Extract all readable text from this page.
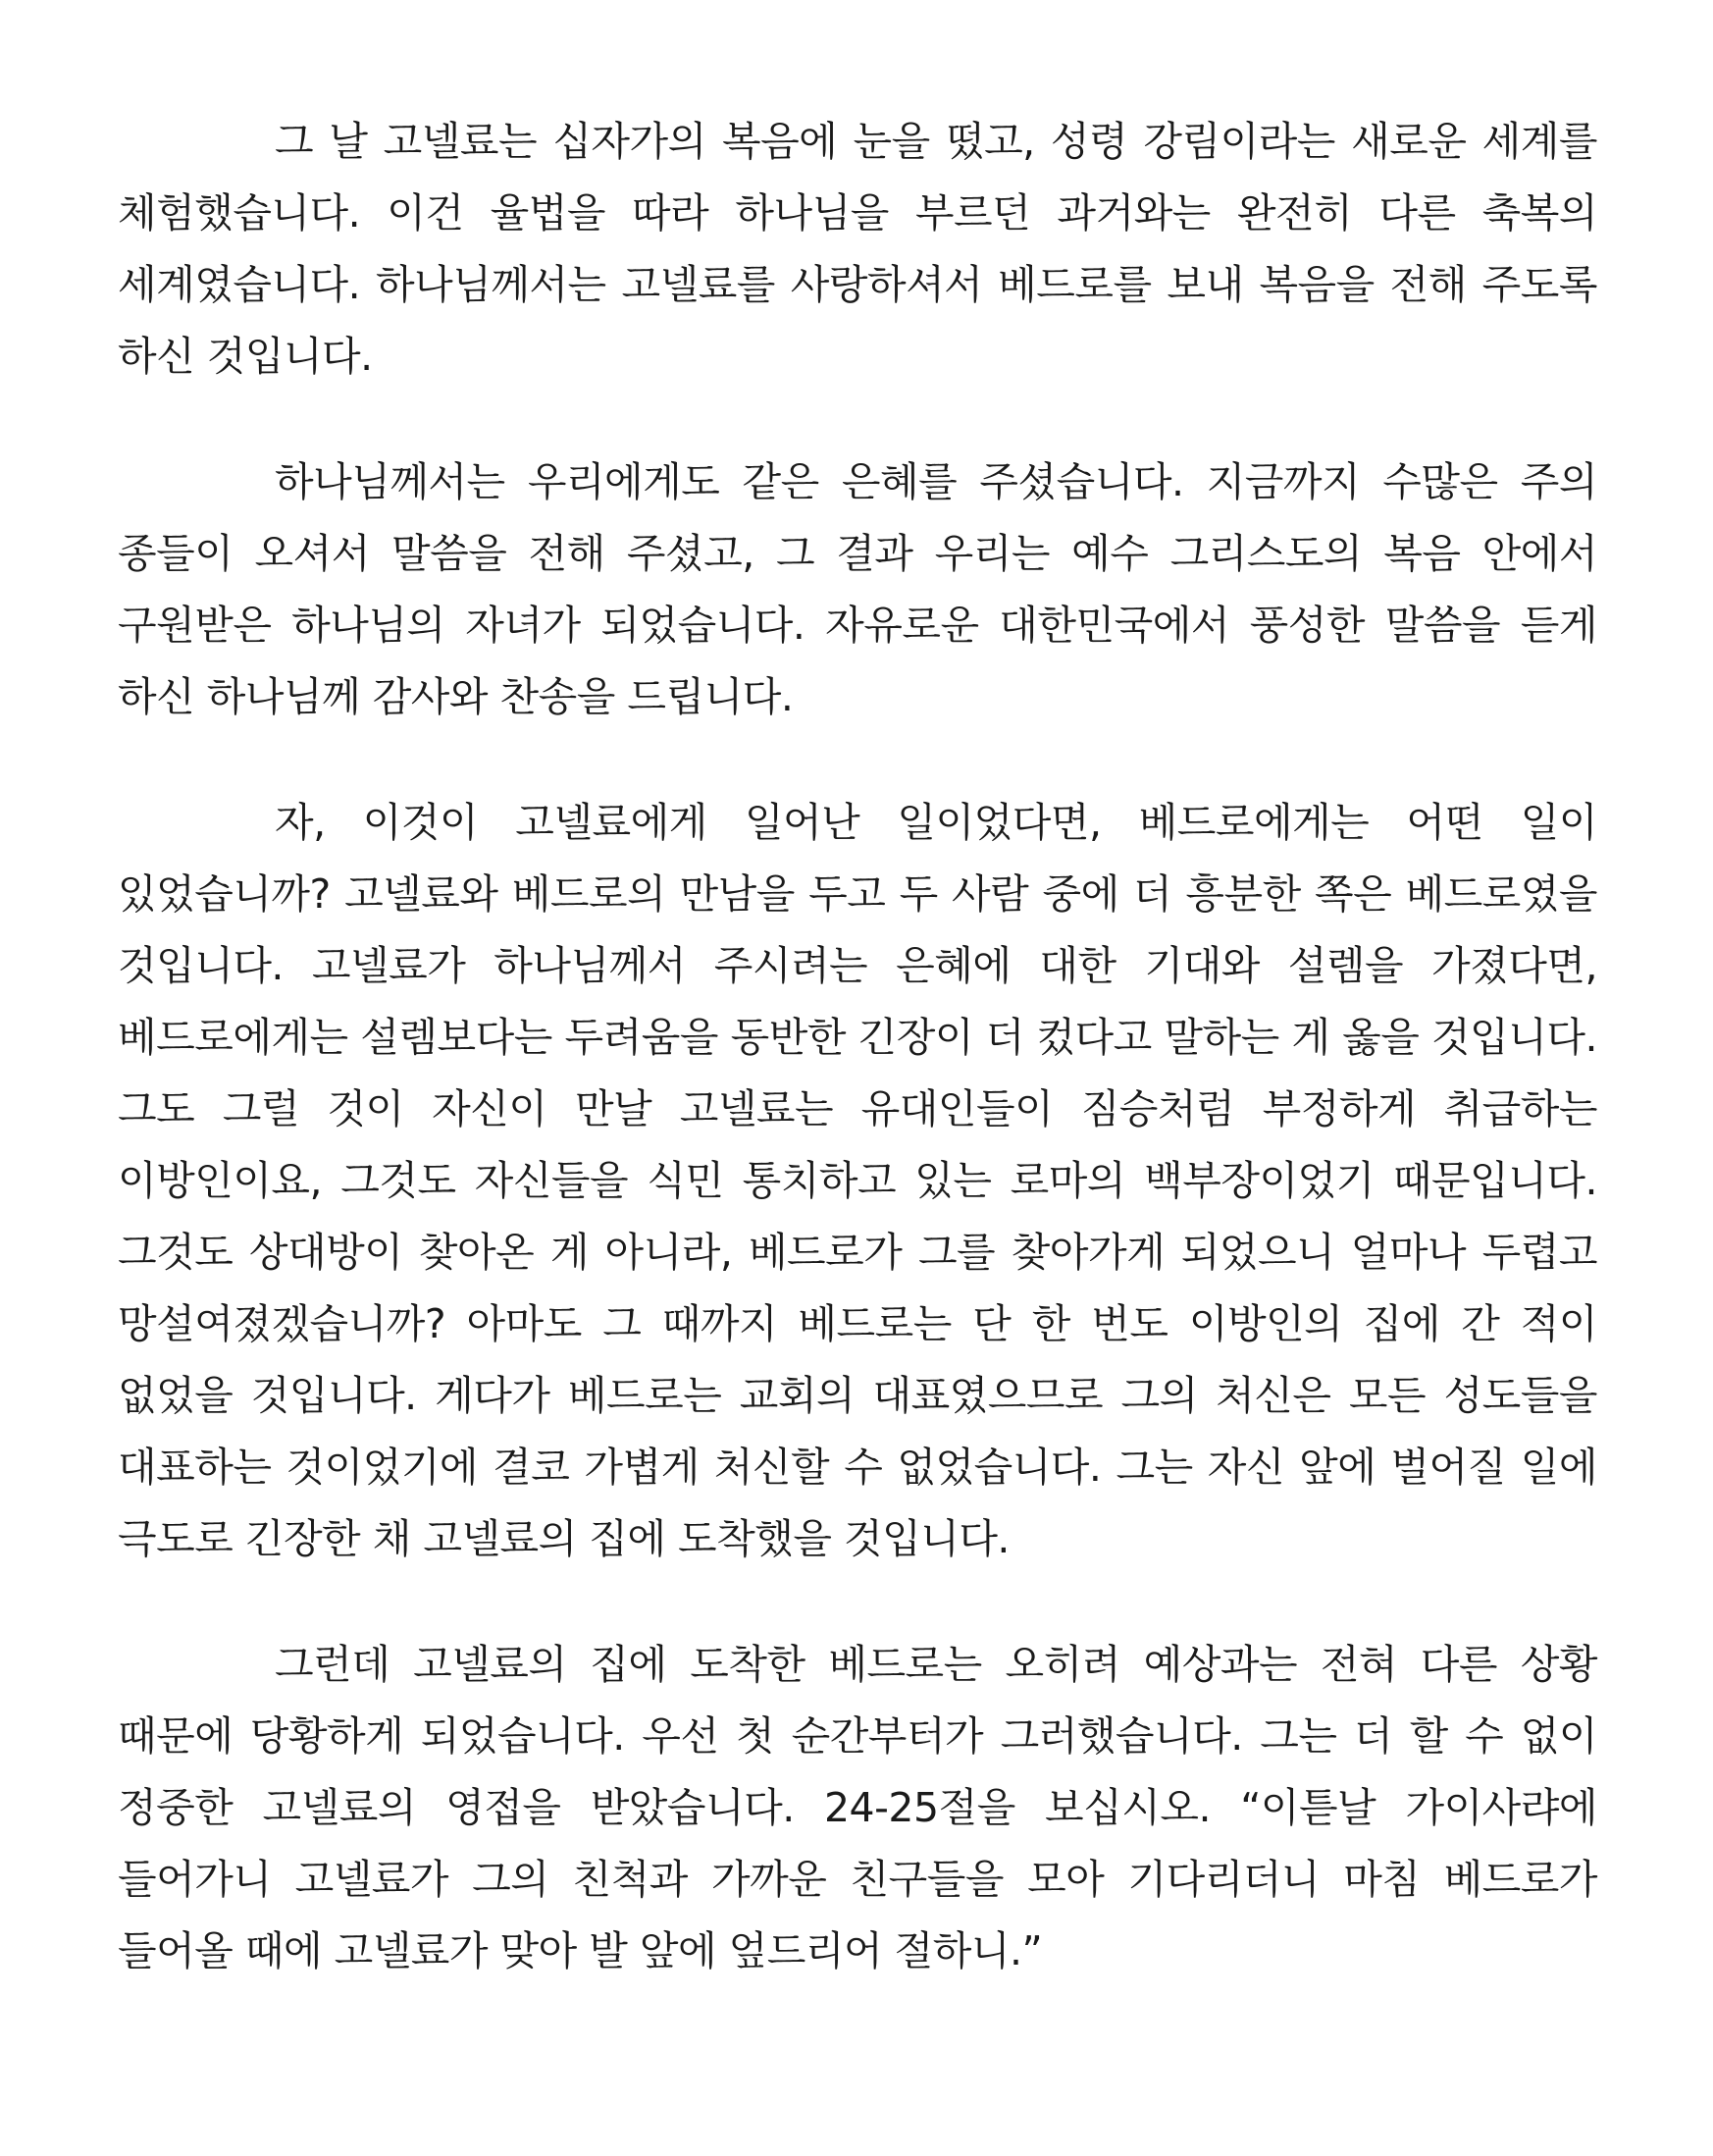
그 날 고넬료는 십자가의 복음에 눈을 떴고, 성령 강림이라는 새로운 세계를 체험했습니다. 이건 율법을 따라 하나님을 부르던 과거와는 완전히 다른 축복의 세계였습니다. 하나님께서는 고넬료를 사랑하셔서 베드로를 보내 복음을 전해 주도록 하신 것입니다.

하나님께서는 우리에게도 같은 은혜를 주셨습니다. 지금까지 수많은 주의 종들이 오셔서 말씀을 전해 주셨고, 그 결과 우리는 예수 그리스도의 복음 안에서 구원받은 하나님의 자녀가 되었습니다. 자유로운 대한민국에서 풍성한 말씀을 듣게 하신 하나님께 감사와 찬송을 드립니다.

자, 이것이 고넬료에게 일어난 일이었다면, 베드로에게는 어떤 일이 있었습니까? 고넬료와 베드로의 만남을 두고 두 사람 중에 더 흥분한 쪽은 베드로였을 것입니다. 고넬료가 하나님께서 주시려는 은혜에 대한 기대와 설렘을 가졌다면, 베드로에게는 설렘보다는 두려움을 동반한 긴장이 더 컸다고 말하는 게 옳을 것입니다. 그도 그럴 것이 자신이 만날 고넬료는 유대인들이 짐승처럼 부정하게 취급하는 이방인이요, 그것도 자신들을 식민 통치하고 있는 로마의 백부장이었기 때문입니다. 그것도 상대방이 찾아온 게 아니라, 베드로가 그를 찾아가게 되었으니 얼마나 두렵고 망설여졌겠습니까? 아마도 그 때까지 베드로는 단 한 번도 이방인의 집에 간 적이 없었을 것입니다. 게다가 베드로는 교회의 대표였으므로 그의 처신은 모든 성도들을 대표하는 것이었기에 결코 가볍게 처신할 수 없었습니다. 그는 자신 앞에 벌어질 일에 극도로 긴장한 채 고넬료의 집에 도착했을 것입니다.

그런데 고넬료의 집에 도착한 베드로는 오히려 예상과는 전혀 다른 상황 때문에 당황하게 되었습니다. 우선 첫 순간부터가 그러했습니다. 그는 더 할 수 없이 정중한 고넬료의 영접을 받았습니다. 24-25절을 보십시오. “이튿날 가이사랴에 들어가니 고넬료가 그의 친척과 가까운 친구들을 모아 기다리더니 마침 베드로가 들어올 때에 고넬료가 맞아 발 앞에 엎드리어 절하니.”
